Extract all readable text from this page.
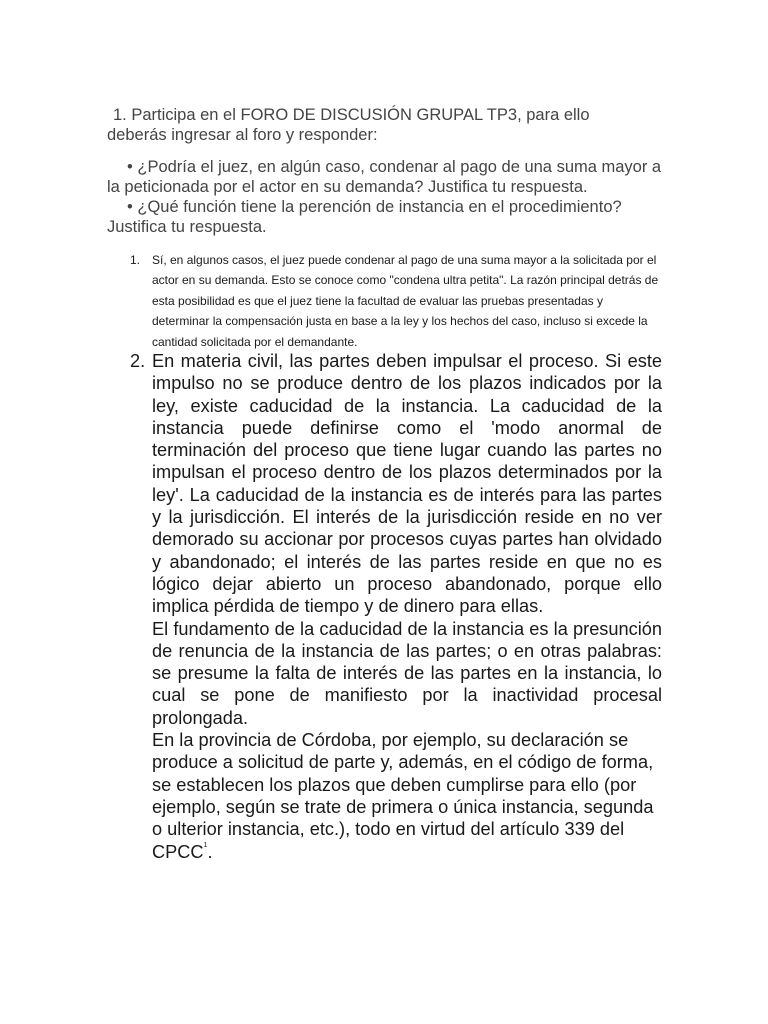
1. Participa en el FORO DE DISCUSIÓN GRUPAL TP3, para ello

deberás ingresar al foro y responder:

• ¿Podría el juez, en algún caso, condenar al pago de una suma mayor a la peticionada por el actor en su demanda? Justifica tu respuesta.

• ¿Qué función tiene la perención de instancia en el procedimiento? Justifica tu respuesta.

1. Sí, en algunos casos, el juez puede condenar al pago de una suma mayor a la solicitada por el actor en su demanda. Esto se conoce como "condena ultra petita". La razón principal detrás de esta posibilidad es que el juez tiene la facultad de evaluar las pruebas presentadas y determinar la compensación justa en base a la ley y los hechos del caso, incluso si excede la cantidad solicitada por el demandante.
2. En materia civil, las partes deben impulsar el proceso. Si este impulso no se produce dentro de los plazos indicados por la ley, existe caducidad de la instancia. La caducidad de la instancia puede definirse como el 'modo anormal de terminación del proceso que tiene lugar cuando las partes no impulsan el proceso dentro de los plazos determinados por la ley'. La caducidad de la instancia es de interés para las partes y la jurisdicción. El interés de la jurisdicción reside en no ver demorado su accionar por procesos cuyas partes han olvidado y abandonado; el interés de las partes reside en que no es lógico dejar abierto un proceso abandonado, porque ello implica pérdida de tiempo y de dinero para ellas.

El fundamento de la caducidad de la instancia es la presunción de renuncia de la instancia de las partes; o en otras palabras: se presume la falta de interés de las partes en la instancia, lo cual se pone de manifiesto por la inactividad procesal prolongada.

En la provincia de Córdoba, por ejemplo, su declaración se produce a solicitud de parte y, además, en el código de forma, se establecen los plazos que deben cumplirse para ello (por ejemplo, según se trate de primera o única instancia, segunda o ulterior instancia, etc.), todo en virtud del artículo 339 del CPCC$^1$.
